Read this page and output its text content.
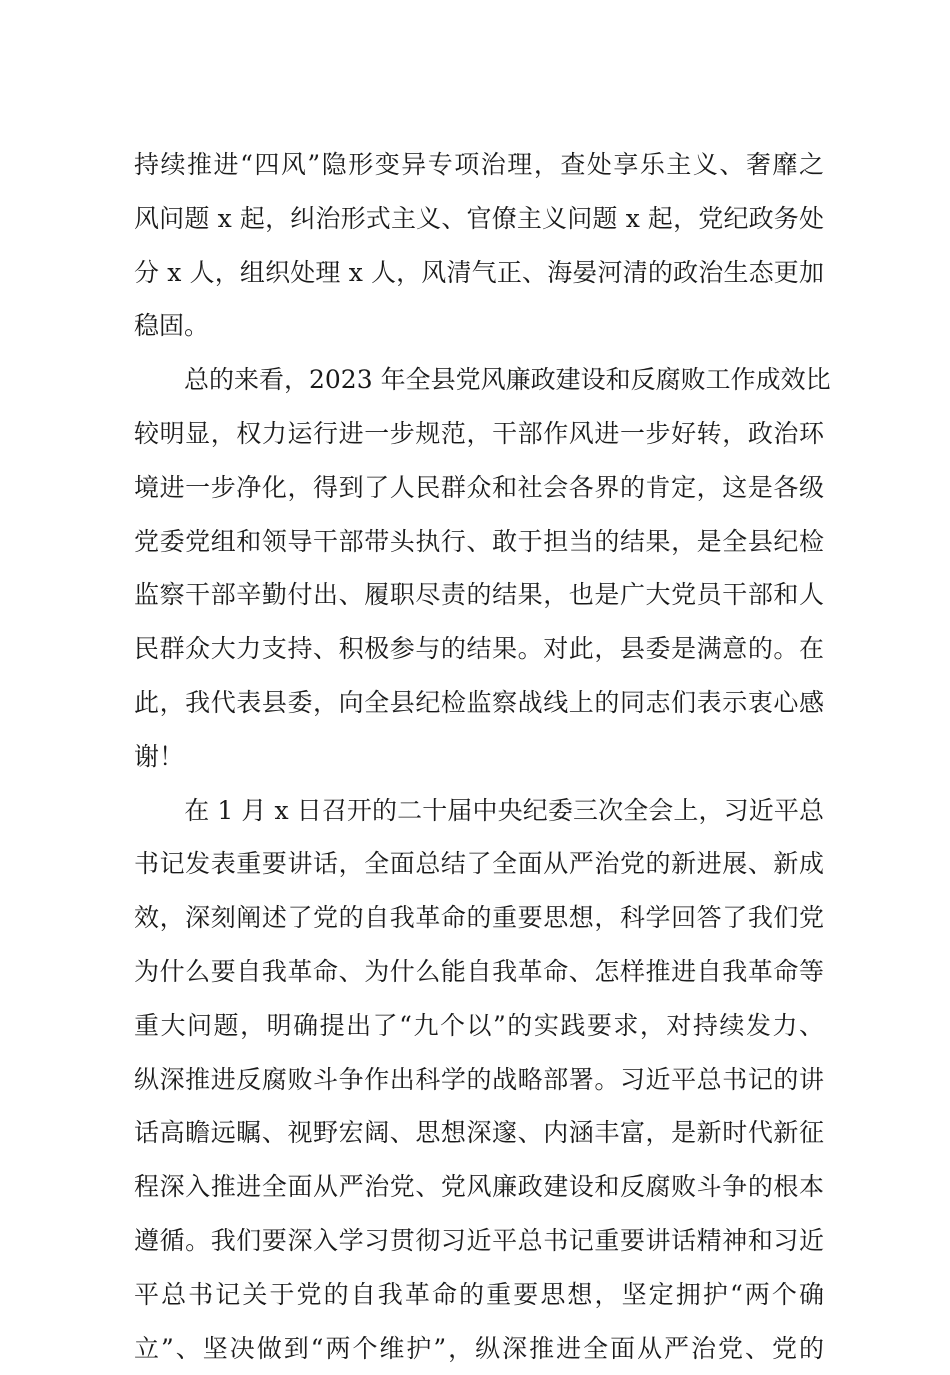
持续推进“四风”隐形变异专项治理，查处享乐主义、奢靡之
风问题 x 起，纠治形式主义、官僚主义问题 x 起，党纪政务处
分 x 人，组织处理 x 人，风清气正、海晏河清的政治生态更加
稳固。
　　总的来看，2023 年全县党风廉政建设和反腐败工作成效比
较明显，权力运行进一步规范，干部作风进一步好转，政治环
境进一步净化，得到了人民群众和社会各界的肯定，这是各级
党委党组和领导干部带头执行、敢于担当的结果，是全县纪检
监察干部辛勤付出、履职尽责的结果，也是广大党员干部和人
民群众大力支持、积极参与的结果。对此，县委是满意的。在
此，我代表县委，向全县纪检监察战线上的同志们表示衷心感
谢！
　　在 1 月 x 日召开的二十届中央纪委三次全会上，习近平总
书记发表重要讲话，全面总结了全面从严治党的新进展、新成
效，深刻阐述了党的自我革命的重要思想，科学回答了我们党
为什么要自我革命、为什么能自我革命、怎样推进自我革命等
重大问题，明确提出了“九个以”的实践要求，对持续发力、
纵深推进反腐败斗争作出科学的战略部署。习近平总书记的讲
话高瞻远瞩、视野宏阔、思想深邃、内涵丰富，是新时代新征
程深入推进全面从严治党、党风廉政建设和反腐败斗争的根本
遵循。我们要深入学习贯彻习近平总书记重要讲话精神和习近
平总书记关于党的自我革命的重要思想，坚定拥护“两个确
立”、坚决做到“两个维护”，纵深推进全面从严治党、党的
